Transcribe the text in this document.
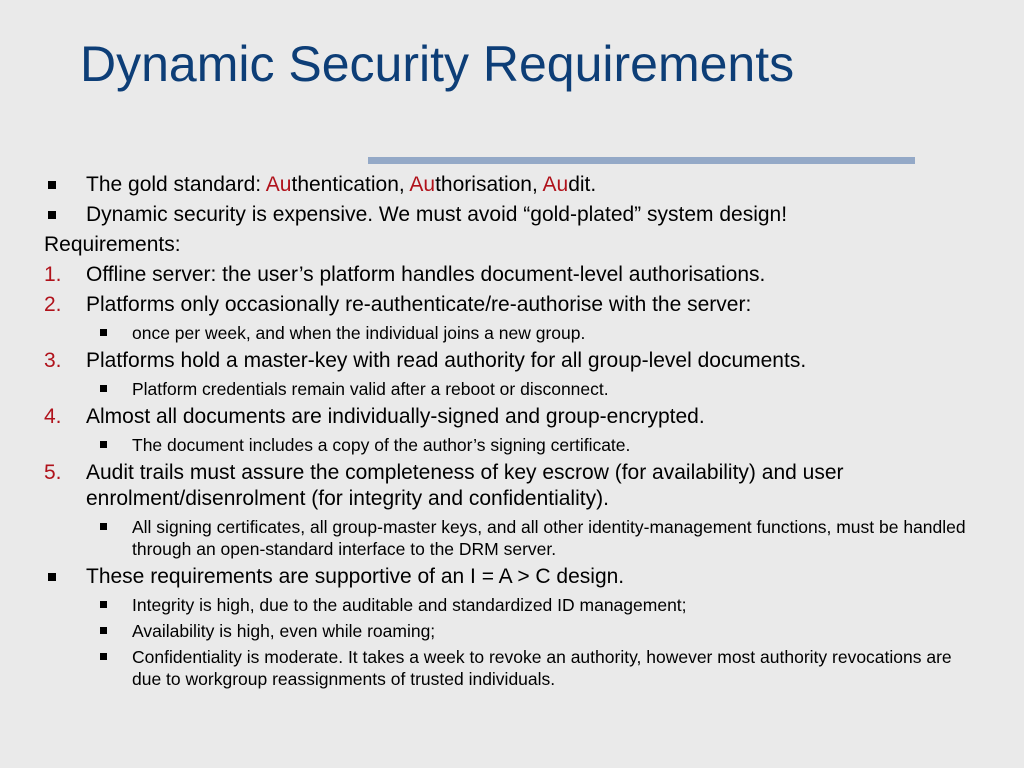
Dynamic Security Requirements
The gold standard: Authentication, Authorisation, Audit.
Dynamic security is expensive. We must avoid “gold-plated” system design!
Requirements:
1. Offline server: the user’s platform handles document-level authorisations.
2. Platforms only occasionally re-authenticate/re-authorise with the server:
once per week, and when the individual joins a new group.
3. Platforms hold a master-key with read authority for all group-level documents.
Platform credentials remain valid after a reboot or disconnect.
4. Almost all documents are individually-signed and group-encrypted.
The document includes a copy of the author’s signing certificate.
5. Audit trails must assure the completeness of key escrow (for availability) and user enrolment/disenrolment (for integrity and confidentiality).
All signing certificates, all group-master keys, and all other identity-management functions, must be handled through an open-standard interface to the DRM server.
These requirements are supportive of an I = A > C design.
Integrity is high, due to the auditable and standardized ID management;
Availability is high, even while roaming;
Confidentiality is moderate. It takes a week to revoke an authority, however most authority revocations are due to workgroup reassignments of trusted individuals.
